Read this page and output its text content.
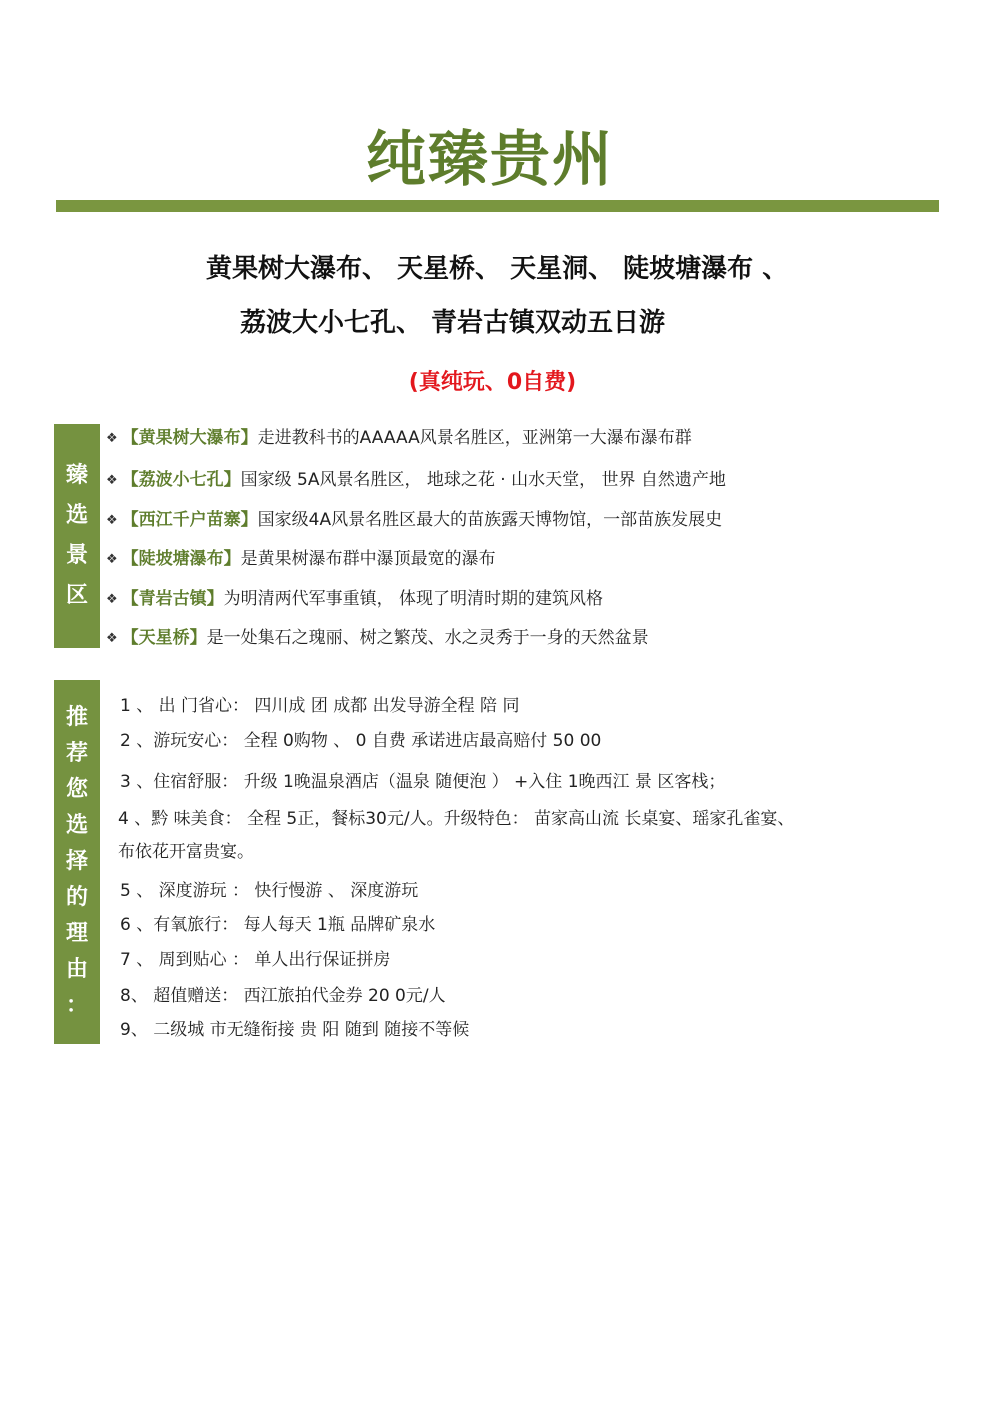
纯臻贵州
黄果树大瀑布、 天星桥、 天星洞、 陡坡塘瀑布 、
荔波大小七孔、 青岩古镇双动五日游
(真纯玩、0自费)
臻
选
景
区
❖ 【黄果树大瀑布】 走进教科书的AAAAA风景名胜区，亚洲第一大瀑布瀑布群
❖ 【荔波小七孔】 国家级 5A风景名胜区， 地球之花 · 山水天堂， 世界 自然遗产地
❖ 【西江千户苗寨】 国家级4A风景名胜区最大的苗族露天博物馆，一部苗族发展史
❖ 【陡坡塘瀑布】 是黄果树瀑布群中瀑顶最宽的瀑布
❖ 【青岩古镇】 为明清两代军事重镇， 体现了明清时期的建筑风格
❖ 【天星桥】 是一处集石之瑰丽、树之繁茂、水之灵秀于一身的天然盆景
推
荐
您
选
择
的
理
由
：
1 、 出 门省心： 四川成 团 成都 出发导游全程 陪 同
2 、游玩安心： 全程 0购物 、 0 自费 承诺进店最高赔付 50 00
3 、住宿舒服： 升级 1晚温泉酒店（温泉 随便泡 ） +入住 1晚西江 景 区客栈；
4 、黔 味美食： 全程 5正，餐标30元/人。升级特色： 苗家高山流 长桌宴、瑶家孔雀宴、布依花开富贵宴。
5 、 深度游玩 ： 快行慢游 、 深度游玩
6 、有氧旅行： 每人每天 1瓶 品牌矿泉水
7 、 周到贴心 ： 单人出行保证拼房
8、 超值赠送： 西江旅拍代金券 20 0元/人
9、 二级城 市无缝衔接 贵 阳 随到 随接不等候
